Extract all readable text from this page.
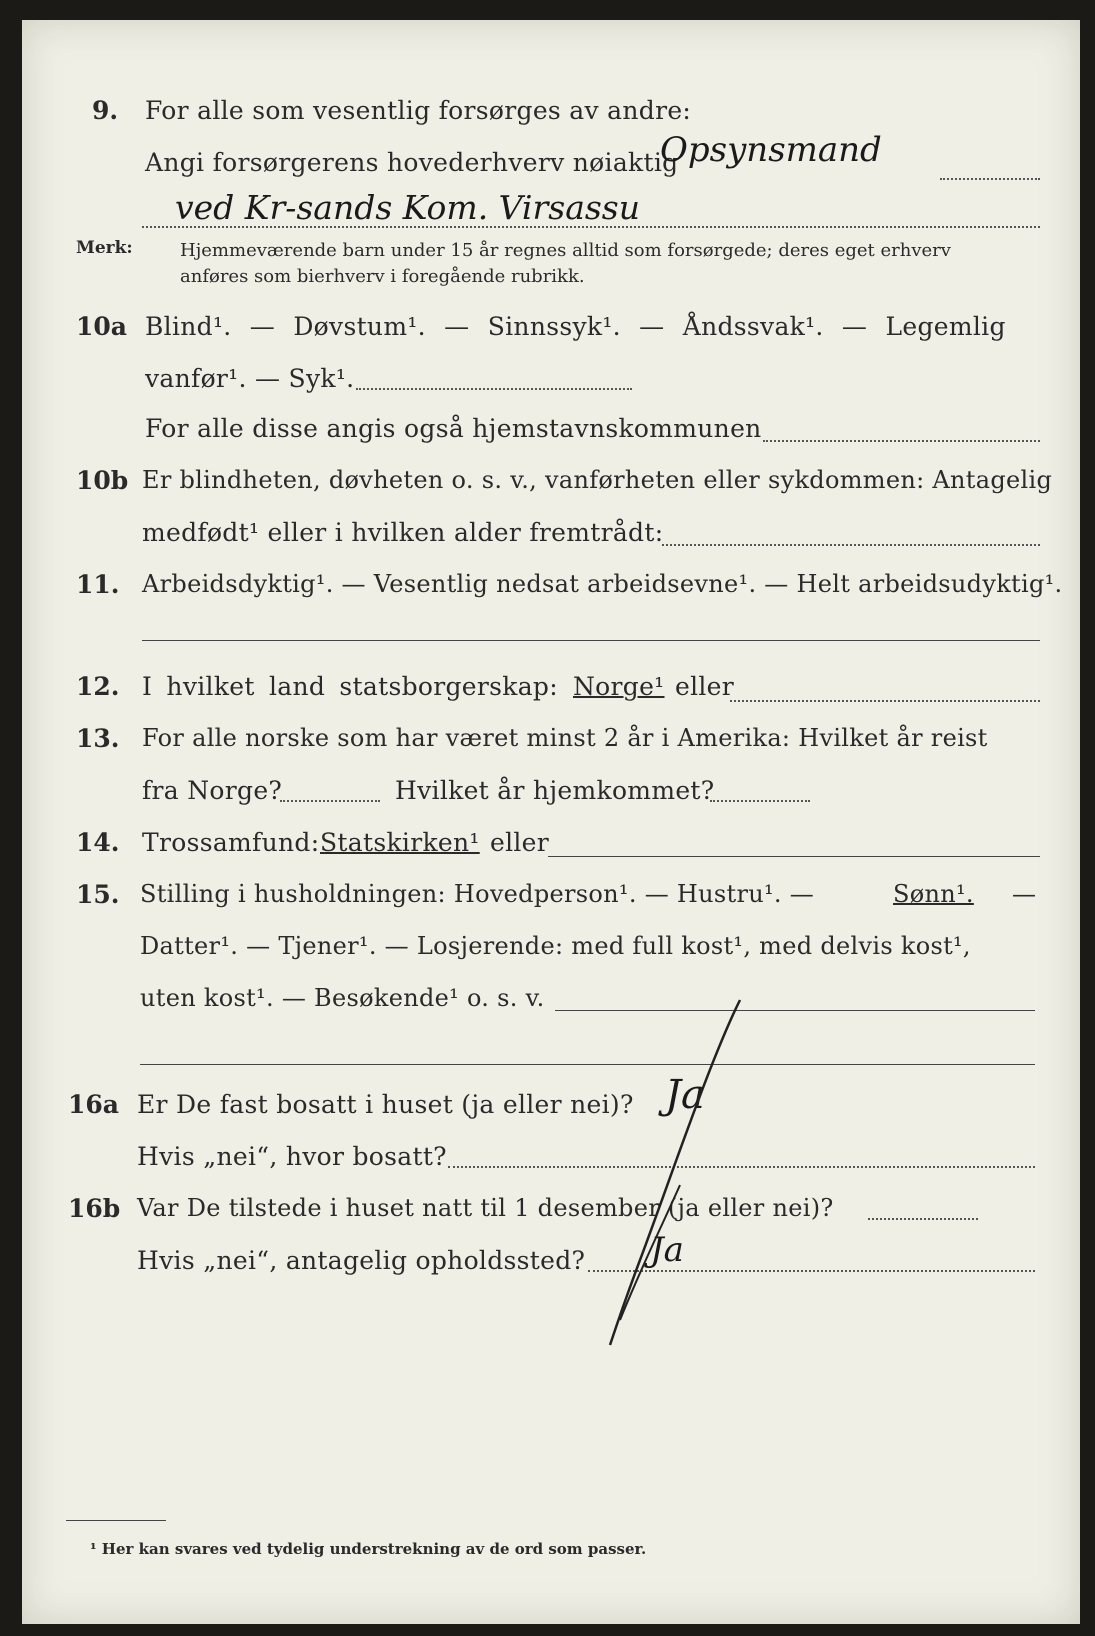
9. For alle som vesentlig forsørges av andre:
Angi forsørgerens hovederhverv nøiaktig
Opsynsmand
ved Kr-sands Kom. Virsassu
Merk:	Hjemmeværende barn under 15 år regnes alltid som forsørgede; deres eget erhverv
anføres som bierhverv i foregående rubrikk.
10a Blind¹. — Døvstum¹. — Sinnssyk¹. — Åndssvak¹. — Legemlig
vanfør¹. — Syk¹.
For alle disse angis også hjemstavnskommunen
10b Er blindheten, døvheten o. s. v., vanførheten eller sykdommen: Antagelig
medfødt¹ eller i hvilken alder fremtrådt:
11. Arbeidsdyktig¹. — Vesentlig nedsat arbeidsevne¹. — Helt arbeidsudyktig¹.
12. I hvilket land statsborgerskap: Norge¹ eller
13. For alle norske som har været minst 2 år i Amerika: Hvilket år reist
fra Norge?	Hvilket år hjemkommet?
14. Trossamfund: Statskirken¹ eller
15. Stilling i husholdningen: Hovedperson¹. — Hustru¹. —	Sønn¹. —
Datter¹. — Tjener¹. — Losjerende: med full kost¹, med delvis kost¹,
uten kost¹. — Besøkende¹ o. s. v.
16a Er De fast bosatt i huset (ja eller nei)? Ja
Hvis „nei“, hvor bosatt?
16b Var De tilstede i huset natt til 1 desember (ja eller nei)?
Hvis „nei“, antagelig opholdssted? Ja
¹ Her kan svares ved tydelig understrekning av de ord som passer.
